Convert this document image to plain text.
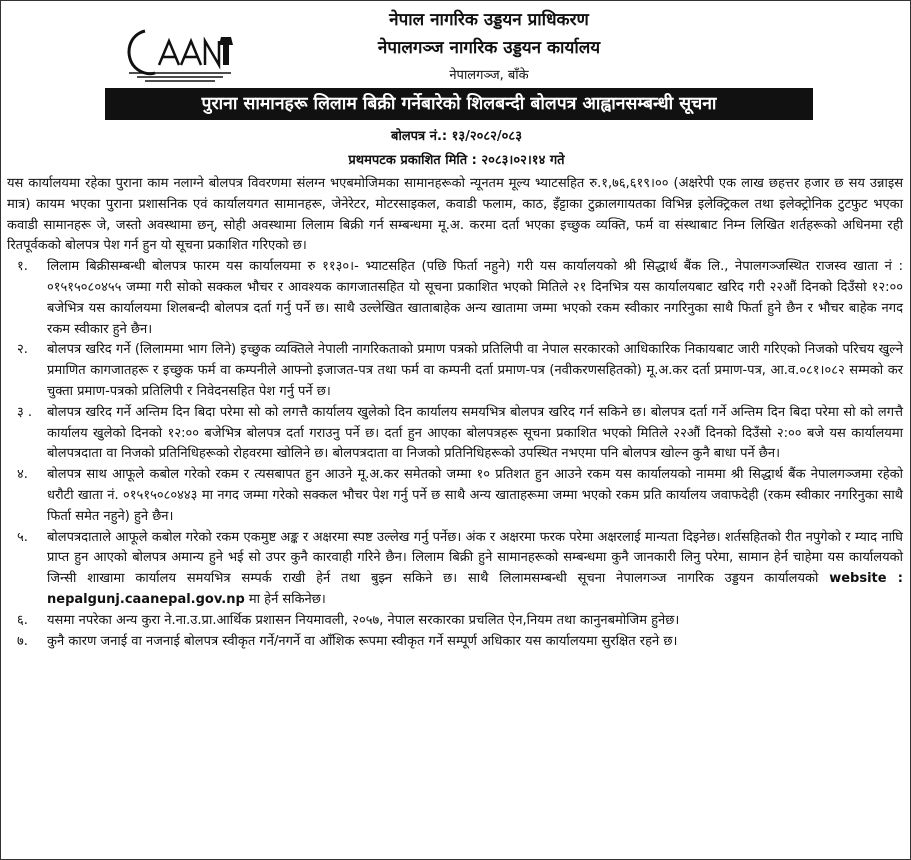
नेपाल नागरिक उड्डयन प्राधिकरण
नेपालगञ्ज नागरिक उड्डयन कार्यालय
नेपालगञ्ज, बाँके
पुराना सामानहरू लिलाम बिक्री गर्नेबारेको शिलबन्दी बोलपत्र आह्वानसम्बन्धी सूचना
बोलपत्र नं.: १३/२०८२/०८३
प्रथमपटक प्रकाशित मिति : २०८३।०२।१४ गते

यस कार्यालयमा रहेका पुराना काम नलाग्ने बोलपत्र विवरणमा संलग्न भएबमोजिमका सामानहरूको न्यूनतम मूल्य भ्याटसहित रु.१,७६,६१९।०० (अक्षरेपी एक लाख छहत्तर हजार छ सय उन्नाइस मात्र) कायम भएका पुराना प्रशासनिक एवं कार्यालयगत सामानहरू, जेनेरेटर, मोटरसाइकल, कवाडी फलाम, काठ, इँट्टाका टुक्रालगायतका विभिन्न इलेक्ट्रिकल तथा इलेक्ट्रोनिक टुटफुट भएका कवाडी सामानहरू जे, जस्तो अवस्थामा छन्, सोही अवस्थामा लिलाम बिक्री गर्न सम्बन्धमा मू.अ. करमा दर्ता भएका इच्छुक व्यक्ति, फर्म वा संस्थाबाट निम्न लिखित शर्तहरूको अधिनमा रही रितपूर्वकको बोलपत्र पेश गर्न हुन यो सूचना प्रकाशित गरिएको छ।

१.	लिलाम बिक्रीसम्बन्धी बोलपत्र फारम यस कार्यालयमा रु ११३०।- भ्याटसहित (पछि फिर्ता नहुने) गरी यस कार्यालयको श्री सिद्धार्थ बैंक लि., नेपालगञ्जस्थित राजस्व खाता नं : ०१५१५०८०४५५ जम्मा गरी सोको सक्कल भौचर र आवश्यक कागजातसहित यो सूचना प्रकाशित भएको मितिले २१ दिनभित्र यस कार्यालयबाट खरिद गरी २२औं दिनको दिउँसो १२:०० बजेभित्र यस कार्यालयमा शिलबन्दी बोलपत्र दर्ता गर्नु पर्ने छ। साथै उल्लेखित खाताबाहेक अन्य खातामा जम्मा भएको रकम स्वीकार नगरिनुका साथै फिर्ता हुने छैन र भौचर बाहेक नगद रकम स्वीकार हुने छैन।
२.	बोलपत्र खरिद गर्ने (लिलाममा भाग लिने) इच्छुक व्यक्तिले नेपाली नागरिकताको प्रमाण पत्रको प्रतिलिपी वा नेपाल सरकारको आधिकारिक निकायबाट जारी गरिएको निजको परिचय खुल्ने प्रमाणित कागजातहरू र इच्छुक फर्म वा कम्पनीले आफ्नो इजाजत-पत्र तथा फर्म वा कम्पनी दर्ता प्रमाण-पत्र (नवीकरणसहितको) मू.अ.कर दर्ता प्रमाण-पत्र, आ.व.०८१।०८२ सम्मको कर चुक्ता प्रमाण-पत्रको प्रतिलिपी र निवेदनसहित पेश गर्नु पर्ने छ।
३ .	बोलपत्र खरिद गर्ने अन्तिम दिन बिदा परेमा सो को लगत्तै कार्यालय खुलेको दिन कार्यालय समयभित्र बोलपत्र खरिद गर्न सकिने छ। बोलपत्र दर्ता गर्ने अन्तिम दिन बिदा परेमा सो को लगत्तै कार्यालय खुलेको दिनको १२:०० बजेभित्र बोलपत्र दर्ता गराउनु पर्ने छ। दर्ता हुन आएका बोलपत्रहरू सूचना प्रकाशित भएको मितिले २२औं दिनको दिउँसो २:०० बजे यस कार्यालयमा बोलपत्रदाता वा निजको प्रतिनिधिहरूको रोहवरमा खोलिने छ। बोलपत्रदाता वा निजको प्रतिनिधिहरूको उपस्थित नभएमा पनि बोलपत्र खोल्न कुनै बाधा पर्ने छैन।
४.	बोलपत्र साथ आफूले कबोल गरेको रकम र त्यसबापत हुन आउने मू.अ.कर समेतको जम्मा १० प्रतिशत हुन आउने रकम यस कार्यालयको नाममा श्री सिद्धार्थ बैंक नेपालगञ्जमा रहेको धरौटी खाता नं. ०१५१५०८०४४३ मा नगद जम्मा गरेको सक्कल भौचर पेश गर्नु पर्ने छ साथै अन्य खाताहरूमा जम्मा भएको रकम प्रति कार्यालय जवाफदेही (रकम स्वीकार नगरिनुका साथै फिर्ता समेत नहुने) हुने छैन।
५.	बोलपत्रदाताले आफूले कबोल गरेको रकम एकमुष्ट अङ्क र अक्षरमा स्पष्ट उल्लेख गर्नु पर्नेछ। अंक र अक्षरमा फरक परेमा अक्षरलाई मान्यता दिइनेछ। शर्तसहितको रीत नपुगेको र म्याद नाघि प्राप्त हुन आएको बोलपत्र अमान्य हुने भई सो उपर कुनै कारवाही गरिने छैन। लिलाम बिक्री हुने सामानहरूको सम्बन्धमा कुनै जानकारी लिनु परेमा, सामान हेर्न चाहेमा यस कार्यालयको जिन्सी शाखामा कार्यालय समयभित्र सम्पर्क राखी हेर्न तथा बुझ्न सकिने छ। साथै लिलामसम्बन्धी सूचना नेपालगञ्ज नागरिक उड्डयन कार्यालयको website : nepalgunj.caanepal.gov.np मा हेर्न सकिनेछ।
६.	यसमा नपरेका अन्य कुरा ने.ना.उ.प्रा.आर्थिक प्रशासन नियमावली, २०५७, नेपाल सरकारका प्रचलित ऐन,नियम तथा कानुनबमोजिम हुनेछ।
७.	कुनै कारण जनाई वा नजनाई बोलपत्र स्वीकृत गर्ने/नगर्ने वा आँशिक रूपमा स्वीकृत गर्ने सम्पूर्ण अधिकार यस कार्यालयमा सुरक्षित रहने छ।
